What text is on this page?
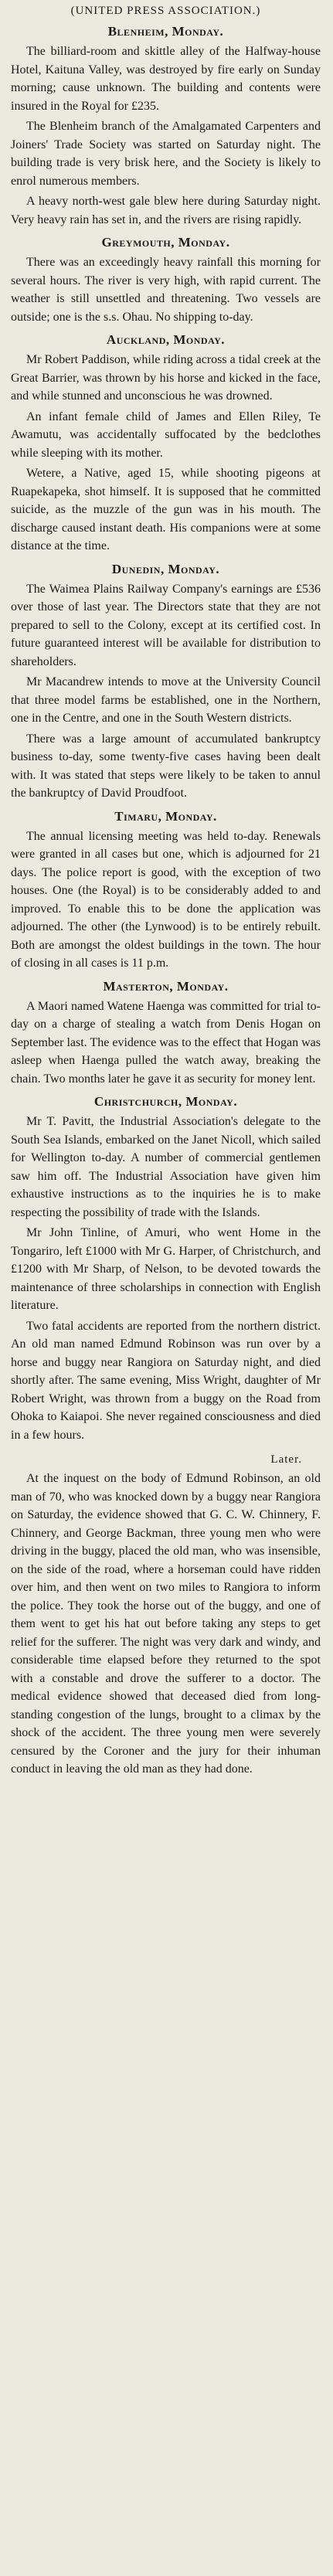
(UNITED PRESS ASSOCIATION.)
Blenheim, Monday.

The billiard-room and skittle alley of the Halfway-house Hotel, Kaituna Valley, was destroyed by fire early on Sunday morning; cause unknown. The building and contents were insured in the Royal for £235.

The Blenheim branch of the Amalgamated Carpenters and Joiners' Trade Society was started on Saturday night. The building trade is very brisk here, and the Society is likely to enrol numerous members.

A heavy north-west gale blew here during Saturday night. Very heavy rain has set in, and the rivers are rising rapidly.

Greymouth, Monday.

There was an exceedingly heavy rainfall this morning for several hours. The river is very high, with rapid current. The weather is still unsettled and threatening. Two vessels are outside; one is the s.s. Ohau. No shipping to-day.

Auckland, Monday.

Mr Robert Paddison, while riding across a tidal creek at the Great Barrier, was thrown by his horse and kicked in the face, and while stunned and unconscious he was drowned.

An infant female child of James and Ellen Riley, Te Awamutu, was accidentally suffocated by the bedclothes while sleeping with its mother.

Wetere, a Native, aged 15, while shooting pigeons at Ruapekapeka, shot himself. It is supposed that he committed suicide, as the muzzle of the gun was in his mouth. The discharge caused instant death. His companions were at some distance at the time.

Dunedin, Monday.

The Waimea Plains Railway Company's earnings are £536 over those of last year. The Directors state that they are not prepared to sell to the Colony, except at its certified cost. In future guaranteed interest will be available for distribution to shareholders.

Mr Macandrew intends to move at the University Council that three model farms be established, one in the Northern, one in the Centre, and one in the South Western districts.

There was a large amount of accumulated bankruptcy business to-day, some twenty-five cases having been dealt with. It was stated that steps were likely to be taken to annul the bankruptcy of David Proudfoot.

Timaru, Monday.

The annual licensing meeting was held to-day. Renewals were granted in all cases but one, which is adjourned for 21 days. The police report is good, with the exception of two houses. One (the Royal) is to be considerably added to and improved. To enable this to be done the application was adjourned. The other (the Lynwood) is to be entirely rebuilt. Both are amongst the oldest buildings in the town. The hour of closing in all cases is 11 p.m.

Masterton, Monday.

A Maori named Watene Haenga was committed for trial to-day on a charge of stealing a watch from Denis Hogan on September last. The evidence was to the effect that Hogan was asleep when Haenga pulled the watch away, breaking the chain. Two months later he gave it as security for money lent.

Christchurch, Monday.

Mr T. Pavitt, the Industrial Association's delegate to the South Sea Islands, embarked on the Janet Nicoll, which sailed for Wellington to-day. A number of commercial gentlemen saw him off. The Industrial Association have given him exhaustive instructions as to the inquiries he is to make respecting the possibility of trade with the Islands.

Mr John Tinline, of Amuri, who went Home in the Tongariro, left £1000 with Mr G. Harper, of Christchurch, and £1200 with Mr Sharp, of Nelson, to be devoted towards the maintenance of three scholarships in connection with English literature.

Two fatal accidents are reported from the northern district. An old man named Edmund Robinson was run over by a horse and buggy near Rangiora on Saturday night, and died shortly after. The same evening, Miss Wright, daughter of Mr Robert Wright, was thrown from a buggy on the Road from Ohoka to Kaiapoi. She never regained consciousness and died in a few hours.

Later.

At the inquest on the body of Edmund Robinson, an old man of 70, who was knocked down by a buggy near Rangiora on Saturday, the evidence showed that G. C. W. Chinnery, F. Chinnery, and George Backman, three young men who were driving in the buggy, placed the old man, who was insensible, on the side of the road, where a horseman could have ridden over him, and then went on two miles to Rangiora to inform the police. They took the horse out of the buggy, and one of them went to get his hat out before taking any steps to get relief for the sufferer. The night was very dark and windy, and considerable time elapsed before they returned to the spot with a constable and drove the sufferer to a doctor. The medical evidence showed that deceased died from long-standing congestion of the lungs, brought to a climax by the shock of the accident. The three young men were severely censured by the Coroner and the jury for their inhuman conduct in leaving the old man as they had done.
